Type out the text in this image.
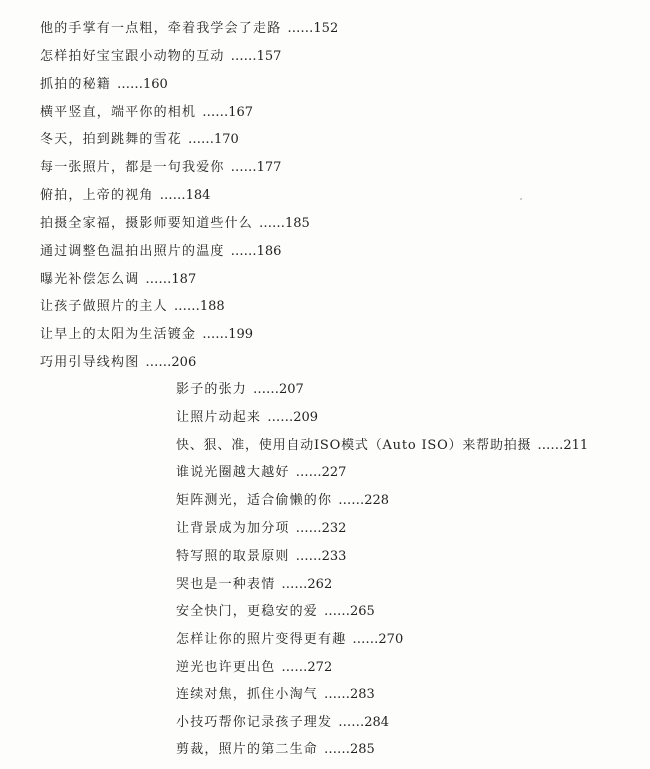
他的手掌有一点粗，牵着我学会了走路 ……152
怎样拍好宝宝跟小动物的互动 ……157
抓拍的秘籍 ……160
横平竖直，端平你的相机 ……167
冬天，拍到跳舞的雪花 ……170
每一张照片，都是一句我爱你 ……177
俯拍，上帝的视角 ……184
拍摄全家福，摄影师要知道些什么 ……185
通过调整色温拍出照片的温度 ……186
曝光补偿怎么调 ……187
让孩子做照片的主人 ……188
让早上的太阳为生活镀金 ……199
巧用引导线构图 ……206
影子的张力 ……207
让照片动起来 ……209
快、狠、准，使用自动ISO模式（Auto ISO）来帮助拍摄 ……211
谁说光圈越大越好 ……227
矩阵测光，适合偷懒的你 ……228
让背景成为加分项 ……232
特写照的取景原则 ……233
哭也是一种表情 ……262
安全快门，更稳安的爱 ……265
怎样让你的照片变得更有趣 ……270
逆光也许更出色 ……272
连续对焦，抓住小淘气 ……283
小技巧帮你记录孩子理发 ……284
剪裁，照片的第二生命 ……285
